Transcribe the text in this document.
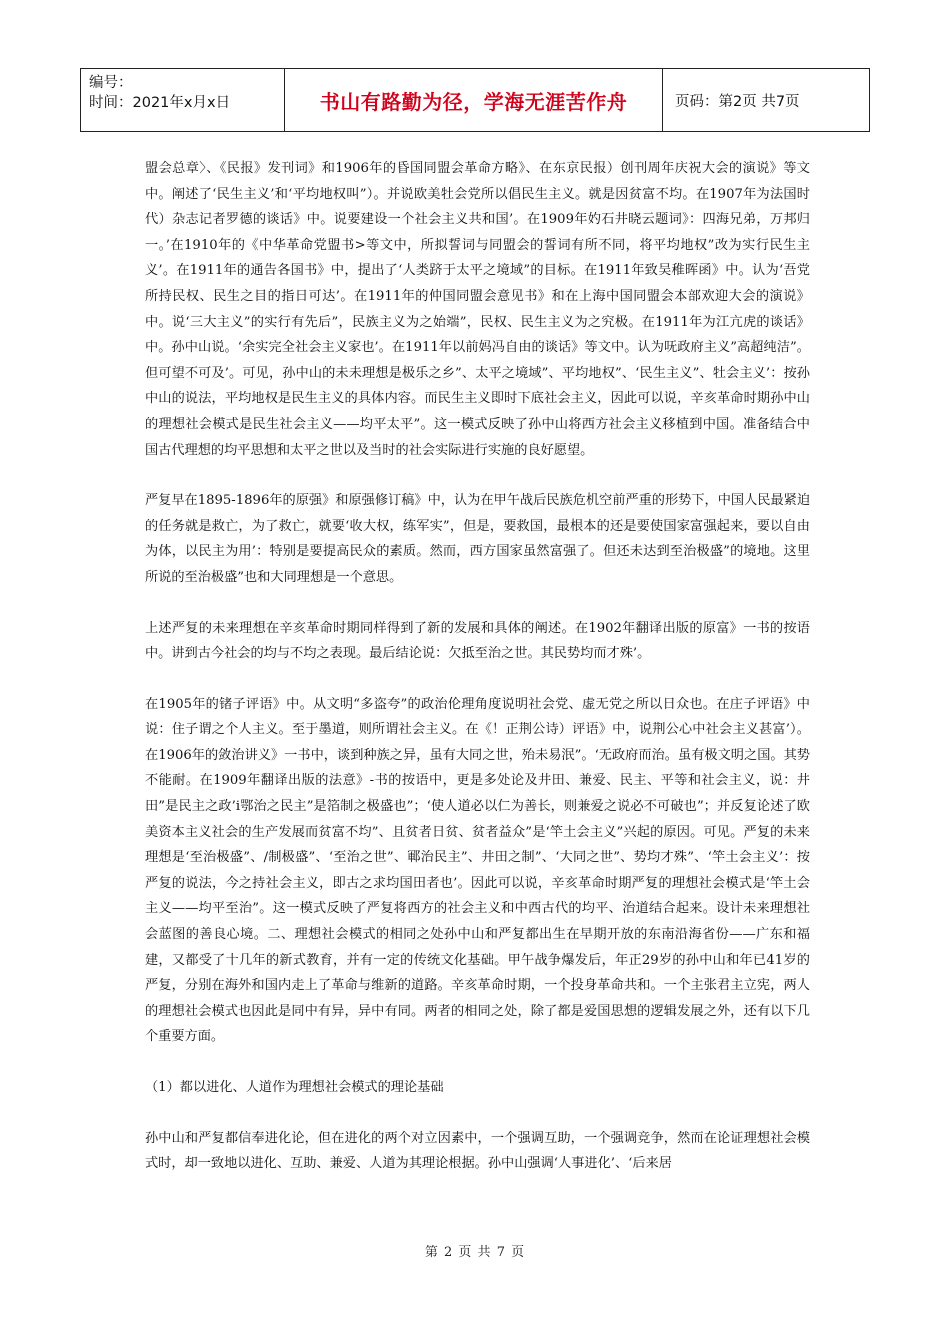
编号：
时间：2021年x月x日	书山有路勤为径，学海无涯苦作舟	页码：第2页 共7页

盟会总章〉、《民报》发刊词》和1906年的昏国同盟会革命方略》、在东京民报）创刊周年庆祝大会的演说》等文中。阐述了‘民生主义’和‘平均地权叫”）。并说欧美牡会党所以倡民生主义。就是因贫富不均。在1907年为法国时代）杂志记者罗德的谈话》中。说要建设一个社会主义共和国’。在1909年妁石井晓云题词》：四海兄弟，万邦归一。’在1910年的《中华革命党盟书>等文中，所拟誓词与同盟会的誓词有所不同，将平均地权”改为实行民生主义’。在1911年的通告各国书》中，提出了‘人类跻于太平之境域”的目标。在1911年致吴稚晖函》中。认为‘吾党所持民权、民生之目的指日可达’。在1911年的仲国同盟会意见书》和在上海中国同盟会本部欢迎大会的演说》中。说‘三大主义”的实行有先后”，民族主义为之始端”，民权、民生主义为之究极。在1911年为江亢虎的谈话》中。孙中山说。‘余实完全社会主义家也’。在1911年以前妈冯自由的谈话》等文中。认为呒政府主义”高超纯洁”。但可望不可及’。可见，孙中山的未未理想是极乐之乡”、太平之境域”、平均地权”、‘民生主义”、牡会主义’：按孙中山的说法，平均地权是民生主义的具体内容。而民生主义即时下底社会主义，因此可以说，辛亥革命时期孙中山的理想社会模式是民生社会主义——均平太平”。这一模式反映了孙中山将西方社会主义移植到中国。准备结合中国古代理想的均平思想和太平之世以及当时的社会实际进行实施的良好愿望。

严复早在1895-1896年的原强》和原强修订稿》中，认为在甲午战后民族危机空前严重的形势下，中国人民最紧迫的任务就是救亡，为了救亡，就要‘收大权，练军实”，但是，要救国，最根本的还是要使国家富强起来，要以自由为体，以民主为用’：特别是要提高民众的素质。然而，西方国家虽然富强了。但还未达到至治极盛”的境地。这里所说的至治极盛”也和大同理想是一个意思。

上述严复的未来理想在辛亥革命时期同样得到了新的发展和具体的阐述。在1902年翻译出版的原富》一书的按语中。讲到古今社会的均与不均之表现。最后结论说：欠抵至治之世。其民势均而才殊’。

在1905年的锗子评语》中。从文明“多盗夸”的政治伦理角度说明社会党、虚无党之所以日众也。在庄子评语》中说：住子谓之个人主义。至于墨道，则所谓社会主义。在《！正荆公诗）评语》中，说荆公心中社会主义甚富’）。在1906年的敛治讲义》一书中，谈到种族之异，虽有大同之世，殆未易泯”。‘无政府而治。虽有极文明之国。其势不能耐。在1909年翻译出版的法意》-书的按语中，更是多处论及井田、兼爱、民主、平等和社会主义，说：井田”是民主之政’i鄂治之民主”是箔制之极盛也”；‘使人道必以仁为善长，则兼爱之说必不可破也”；并反复论述了欧美资本主义社会的生产发展而贫富不均”、且贫者日贫、贫者益众”是‘竿土会主义”兴起的原因。可见。严复的未来理想是‘至治极盛”、/制极盛”、‘至治之世”、鄆治民主”、井田之制”、‘大同之世”、势均才殊”、‘竿土会主义’：按严复的说法，今之持社会主义，即古之求均国田者也’。因此可以说，辛亥革命时期严复的理想社会模式是‘竿土会主义——均平至治”。这一模式反映了严复将西方的社会主义和中西古代的均平、治道结合起来。设计未来理想社会蓝图的善良心境。二、理想社会模式的相同之处孙中山和严复都出生在早期开放的东南沿海省份——广东和福建，又都受了十几年的新式教育，并有一定的传统文化基础。甲午战争爆发后，年正29岁的孙中山和年已41岁的严复，分别在海外和国内走上了革命与维新的道路。辛亥革命时期，一个投身革命共和。一个主张君主立宪，两人的理想社会模式也因此是同中有异，异中有同。两者的相同之处，除了都是爱国思想的逻辑发展之外，还有以下几个重要方面。

（1）都以进化、人道作为理想社会模式的理论基础

孙中山和严复都信奉进化论，但在进化的两个对立因素中，一个强调互助，一个强调竞争，然而在论证理想社会模式时，却一致地以进化、互助、兼爱、人道为其理论根据。孙中山强调‘人事进化’、‘后来居

第 2 页 共 7 页
